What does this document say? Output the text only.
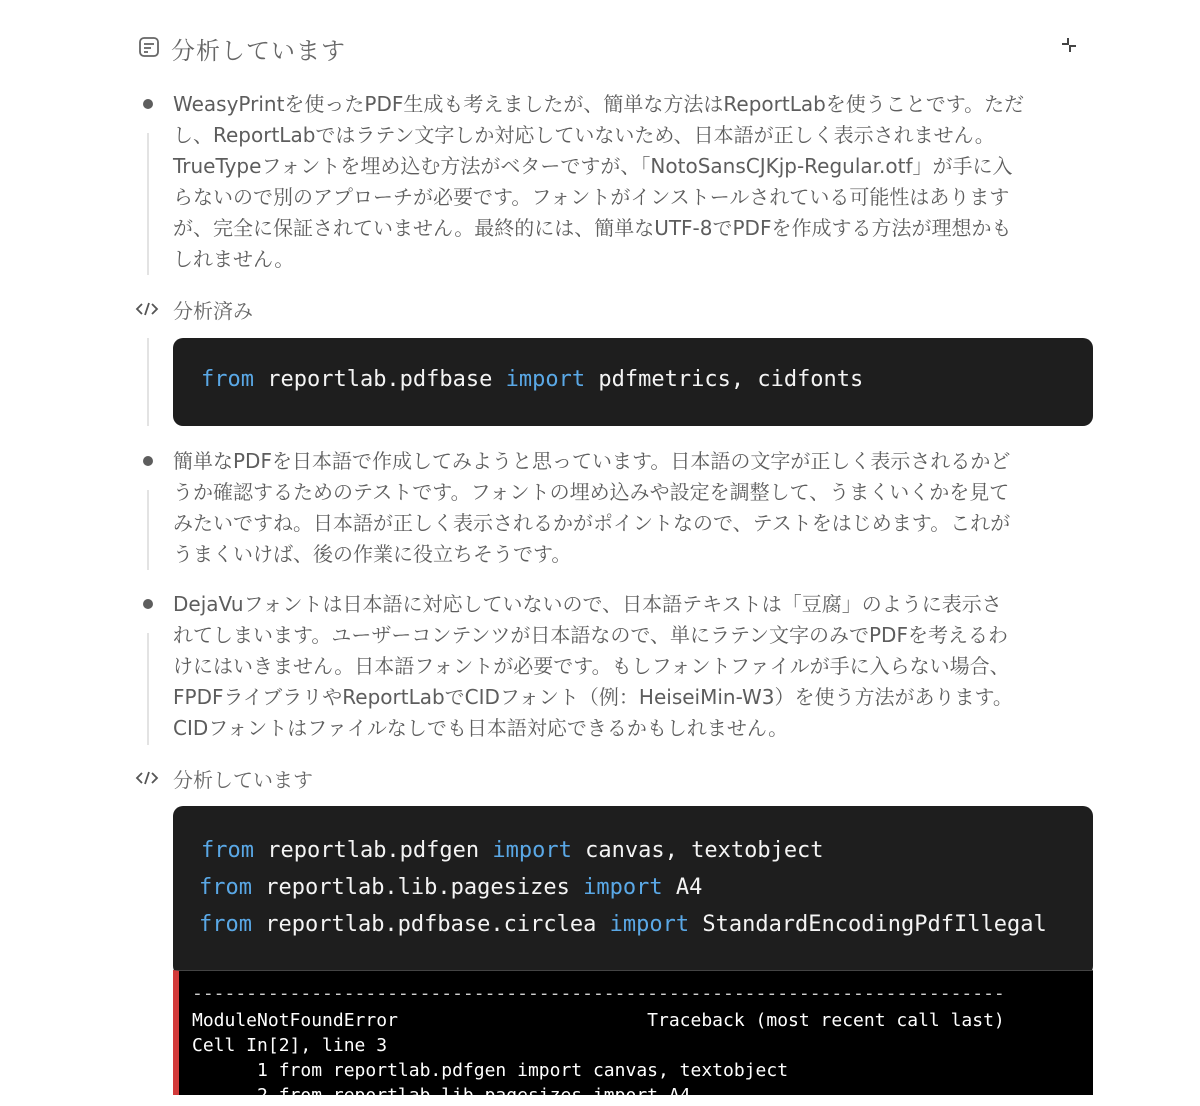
分析しています
WeasyPrintを使ったPDF生成も考えましたが、簡単な方法はReportLabを使うことです。ただ
し、ReportLabではラテン文字しか対応していないため、日本語が正しく表示されません。
TrueTypeフォントを埋め込む方法がベターですが、「NotoSansCJKjp-Regular.otf」が手に入
らないので別のアプローチが必要です。フォントがインストールされている可能性はあります
が、完全に保証されていません。最終的には、簡単なUTF-8でPDFを作成する方法が理想かも
しれません。
分析済み
from reportlab.pdfbase import pdfmetrics, cidfonts
簡単なPDFを日本語で作成してみようと思っています。日本語の文字が正しく表示されるかど
うか確認するためのテストです。フォントの埋め込みや設定を調整して、うまくいくかを見て
みたいですね。日本語が正しく表示されるかがポイントなので、テストをはじめます。これが
うまくいけば、後の作業に役立ちそうです。
DejaVuフォントは日本語に対応していないので、日本語テキストは「豆腐」のように表示さ
れてしまいます。ユーザーコンテンツが日本語なので、単にラテン文字のみでPDFを考えるわ
けにはいきません。日本語フォントが必要です。もしフォントファイルが手に入らない場合、
FPDFライブラリやReportLabでCIDフォント（例：HeiseiMin-W3）を使う方法があります。
CIDフォントはファイルなしでも日本語対応できるかもしれません。
分析しています
from reportlab.pdfgen import canvas, textobject
from reportlab.lib.pagesizes import A4
from reportlab.pdfbase.circlea import StandardEncodingPdfIllegal
---------------------------------------------------------------------------
ModuleNotFoundError                       Traceback (most recent call last)
Cell In[2], line 3
1 from reportlab.pdfgen import canvas, textobject
2 from reportlab.lib.pagesizes import A4
